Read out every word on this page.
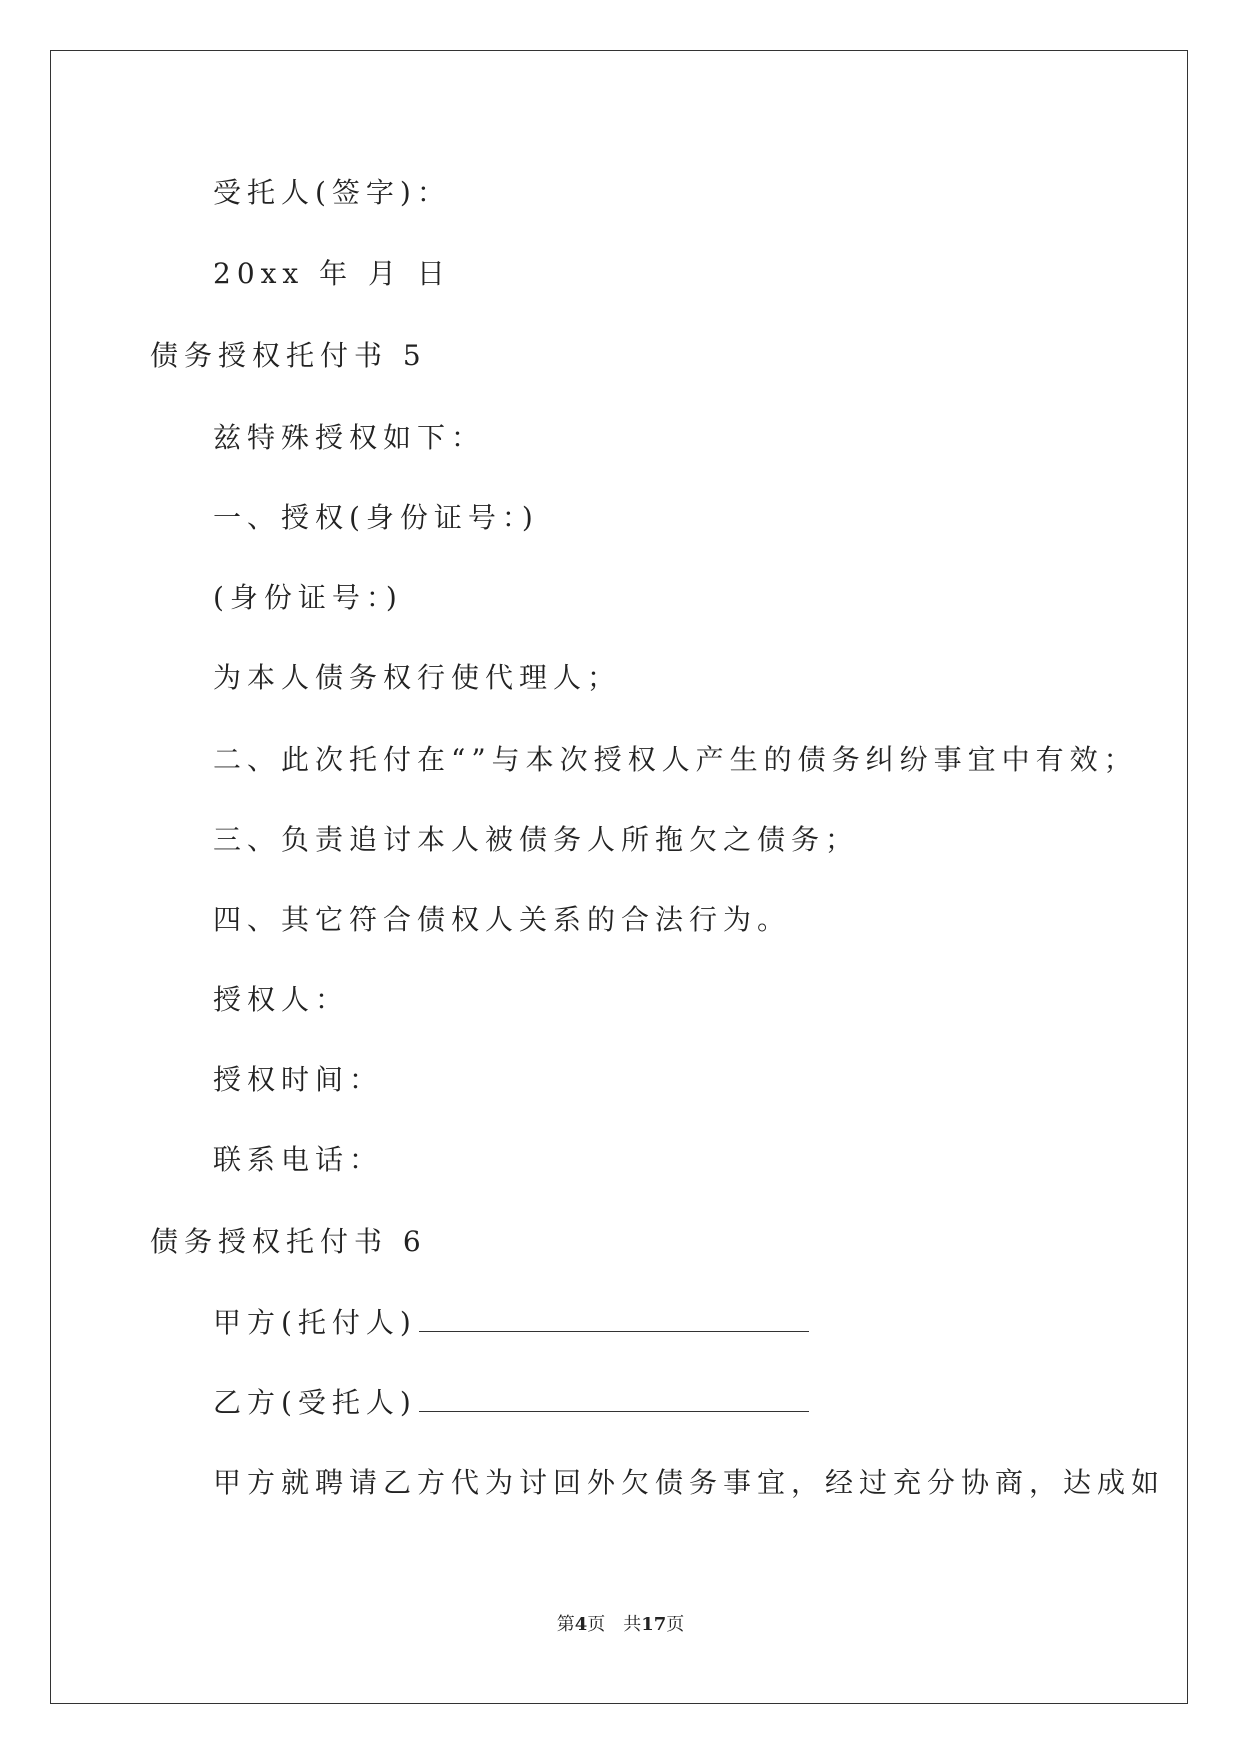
受托人(签字)：
20xx 年 月 日
债务授权托付书 5
兹特殊授权如下：
一、授权(身份证号：)
(身份证号：)
为本人债务权行使代理人；
二、此次托付在“”与本次授权人产生的债务纠纷事宜中有效；
三、负责追讨本人被债务人所拖欠之债务；
四、其它符合债权人关系的合法行为。
授权人：
授权时间：
联系电话：
债务授权托付书 6
甲方(托付人)
乙方(受托人)
甲方就聘请乙方代为讨回外欠债务事宜，经过充分协商，达成如
第4页 共17页
